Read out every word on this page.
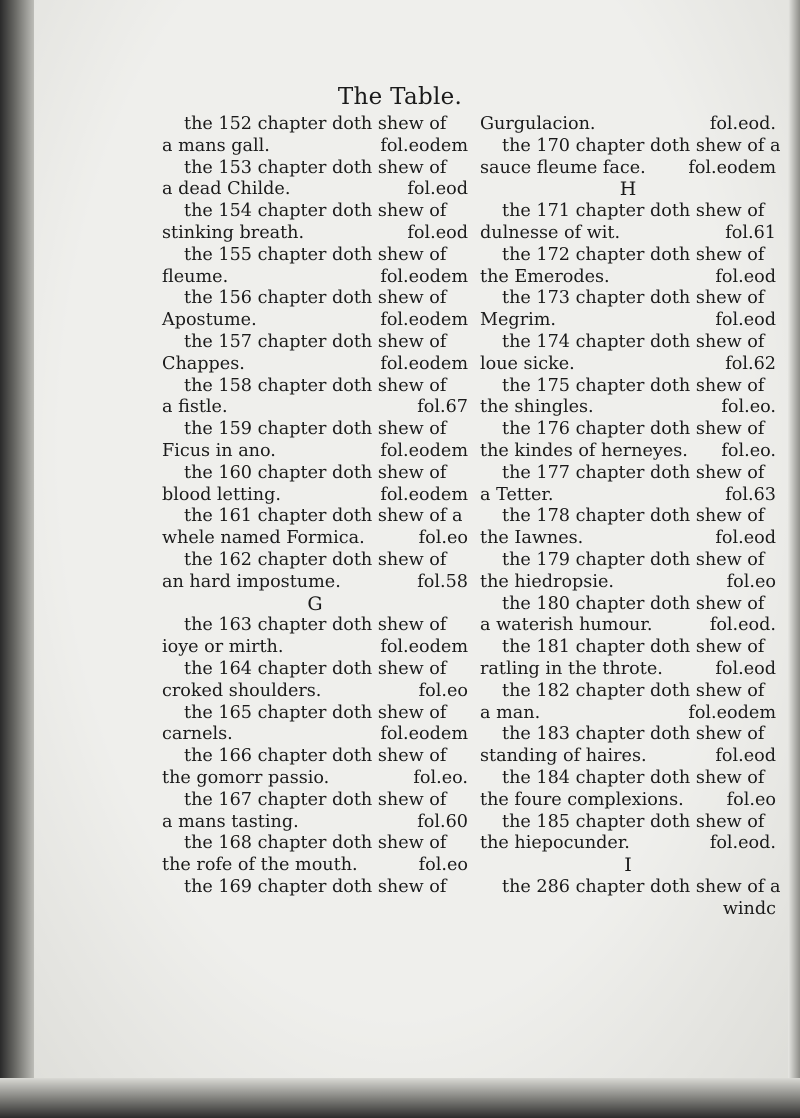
The Table.
the 152 chapter doth shew of
a mans gall.	fol.eodem
the 153 chapter doth shew of
a dead Childe.	fol.eod
the 154 chapter doth shew of
stinking breath.	fol.eod
the 155 chapter doth shew of
fleume.	fol.eodem
the 156 chapter doth shew of
Apostume.	fol.eodem
the 157 chapter doth shew of
Chappes.	fol.eodem
the 158 chapter doth shew of
a fistle.	fol.67
the 159 chapter doth shew of
Ficus in ano.	fol.eodem
the 160 chapter doth shew of
blood letting.	fol.eodem
the 161 chapter doth shew of a
whele named Formica.	fol.eo
the 162 chapter doth shew of
an hard impostume.	fol.58
G
the 163 chapter doth shew of
ioye or mirth.	fol.eodem
the 164 chapter doth shew of
croked shoulders.	fol.eo
the 165 chapter doth shew of
carnels.	fol.eodem
the 166 chapter doth shew of
the gomorr passio.	fol.eo.
the 167 chapter doth shew of
a mans tasting.	fol.60
the 168 chapter doth shew of
the rofe of the mouth.	fol.eo
the 169 chapter doth shew of
Gurgulacion.	fol.eod.
the 170 chapter doth shew of a
sauce fleume face. fol.eodem
H
the 171 chapter doth shew of
dulnesse of wit.	fol.61
the 172 chapter doth shew of
the Emerodes.	fol.eod
the 173 chapter doth shew of
Megrim.	fol.eod
the 174 chapter doth shew of
loue sicke.	fol.62
the 175 chapter doth shew of
the shingles.	fol.eo.
the 176 chapter doth shew of
the kindes of herneyes. fol.eo.
the 177 chapter doth shew of
a Tetter.	fol.63
the 178 chapter doth shew of
the Iawnes.	fol.eod
the 179 chapter doth shew of
the hiedropsie.	fol.eo
the 180 chapter doth shew of
a waterish humour.	fol.eod.
the 181 chapter doth shew of
ratling in the throte.	fol.eod
the 182 chapter doth shew of
a man.	fol.eodem
the 183 chapter doth shew of
standing of haires.	fol.eod
the 184 chapter doth shew of
the foure complexions. fol.eo
the 185 chapter doth shew of
the hiepocunder.	fol.eod.
I
the 286 chapter doth shew of a
windc
